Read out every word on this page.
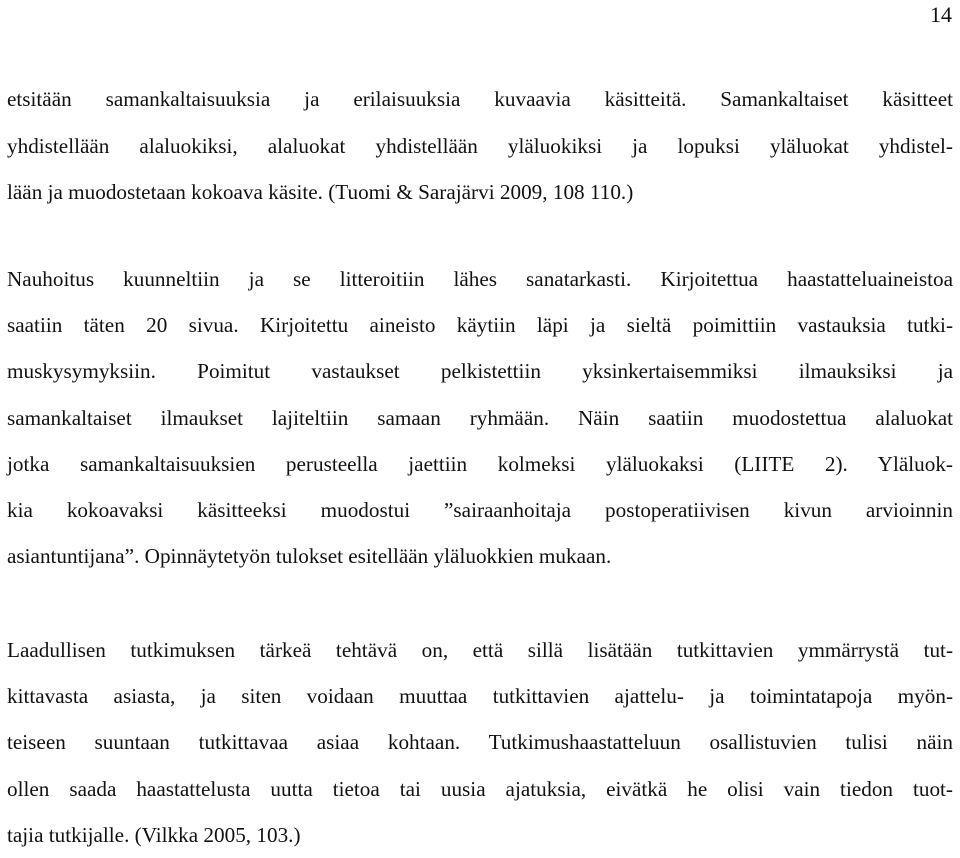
14
etsitään samankaltaisuuksia ja erilaisuuksia kuvaavia käsitteitä. Samankaltaiset käsitteet
yhdistellään alaluokiksi, alaluokat yhdistellään yläluokiksi ja lopuksi yläluokat yhdistel-
lään ja muodostetaan kokoava käsite. (Tuomi & Sarajärvi 2009, 108 110.)
Nauhoitus kuunneltiin ja se litteroitiin lähes sanatarkasti. Kirjoitettua haastatteluaineistoa
saatiin täten 20 sivua. Kirjoitettu aineisto käytiin läpi ja sieltä poimittiin vastauksia tutki-
muskysymyksiin. Poimitut vastaukset pelkistettiin yksinkertaisemmiksi ilmauksiksi ja
samankaltaiset ilmaukset lajiteltiin samaan ryhmään. Näin saatiin muodostettua alaluokat
jotka samankaltaisuuksien perusteella jaettiin kolmeksi yläluokaksi (LIITE 2). Yläluok-
kia kokoavaksi käsitteeksi muodostui ”sairaanhoitaja postoperatiivisen kivun arvioinnin
asiantuntijana”. Opinnäytetyön tulokset esitellään yläluokkien mukaan.
Laadullisen tutkimuksen tärkeä tehtävä on, että sillä lisätään tutkittavien ymmärrystä tut-
kittavasta asiasta, ja siten voidaan muuttaa tutkittavien ajattelu- ja toimintatapoja myön-
teiseen suuntaan tutkittavaa asiaa kohtaan. Tutkimushaastatteluun osallistuvien tulisi näin
ollen saada haastattelusta uutta tietoa tai uusia ajatuksia, eivätkä he olisi vain tiedon tuot-
tajia tutkijalle. (Vilkka 2005, 103.)
